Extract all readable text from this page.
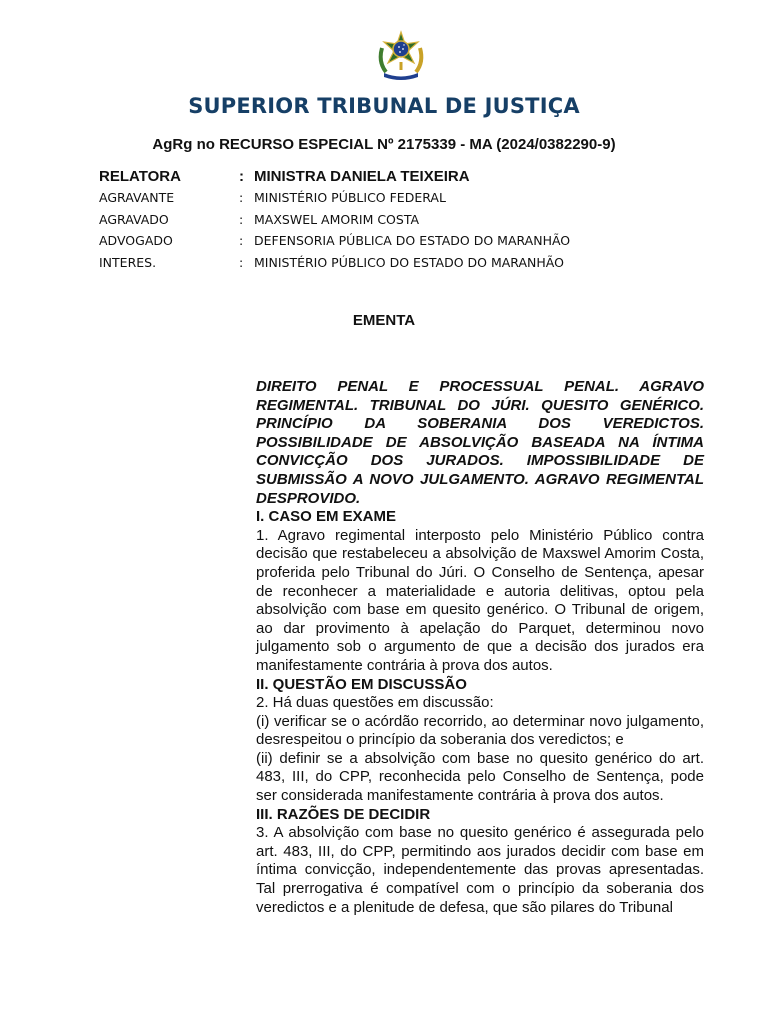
SUPERIOR TRIBUNAL DE JUSTIÇA
AgRg no RECURSO ESPECIAL Nº 2175339 - MA (2024/0382290-9)
RELATORA	: MINISTRA DANIELA TEIXEIRA
AGRAVANTE	: MINISTÉRIO PÚBLICO FEDERAL
AGRAVADO	: MAXSWEL AMORIM COSTA
ADVOGADO	: DEFENSORIA PÚBLICA DO ESTADO DO MARANHÃO
INTERES.	: MINISTÉRIO PÚBLICO DO ESTADO DO MARANHÃO
EMENTA

DIREITO PENAL E PROCESSUAL PENAL. AGRAVO REGIMENTAL. TRIBUNAL DO JÚRI. QUESITO GENÉRICO. PRINCÍPIO DA SOBERANIA DOS VEREDICTOS. POSSIBILIDADE DE ABSOLVIÇÃO BASEADA NA ÍNTIMA CONVICÇÃO DOS JURADOS. IMPOSSIBILIDADE DE SUBMISSÃO A NOVO JULGAMENTO. AGRAVO REGIMENTAL DESPROVIDO.

I. CASO EM EXAME

1. Agravo regimental interposto pelo Ministério Público contra decisão que restabeleceu a absolvição de Maxswel Amorim Costa, proferida pelo Tribunal do Júri. O Conselho de Sentença, apesar de reconhecer a materialidade e autoria delitivas, optou pela absolvição com base em quesito genérico. O Tribunal de origem, ao dar provimento à apelação do Parquet, determinou novo julgamento sob o argumento de que a decisão dos jurados era manifestamente contrária à prova dos autos.

II. QUESTÃO EM DISCUSSÃO

2. Há duas questões em discussão:

(i) verificar se o acórdão recorrido, ao determinar novo julgamento, desrespeitou o princípio da soberania dos veredictos; e

(ii) definir se a absolvição com base no quesito genérico do art. 483, III, do CPP, reconhecida pelo Conselho de Sentença, pode ser considerada manifestamente contrária à prova dos autos.

III. RAZÕES DE DECIDIR

3. A absolvição com base no quesito genérico é assegurada pelo art. 483, III, do CPP, permitindo aos jurados decidir com base em íntima convicção, independentemente das provas apresentadas. Tal prerrogativa é compatível com o princípio da soberania dos veredictos e a plenitude de defesa, que são pilares do Tribunal
